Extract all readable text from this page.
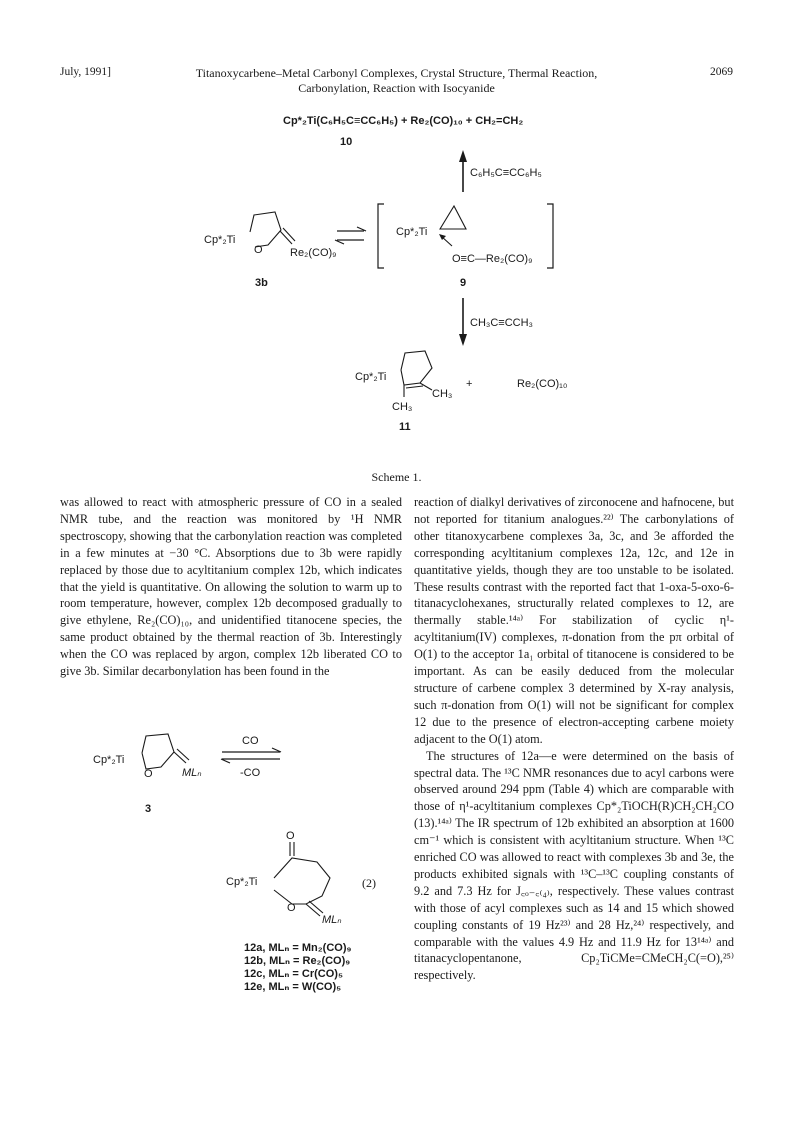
July, 1991]	Titanoxycarbene–Metal Carbonyl Complexes, Crystal Structure, Thermal Reaction,
Carbonylation, Reaction with Isocyanide
2069
Cp*₂Ti(C₆H₅C≡CC₆H₅) + Re₂(CO)₁₀ + CH₂=CH₂
10
C₆H₅C≡CC₆H₅
Cp*₂Ti
O Re₂(CO)₉
3b
Cp*₂Ti
O≡C—Re₂(CO)₉
9
CH₃C≡CCH₃
Cp*₂Ti
CH₃
CH₃
+	Re₂(CO)₁₀
11
Scheme 1.

was allowed to react with atmospheric pressure of CO in a sealed NMR tube, and the reaction was monitored by ¹H NMR spectroscopy, showing that the carbonylation reaction was completed in a few minutes at −30 °C. Absorptions due to 3b were rapidly replaced by those due to acyltitanium complex 12b, which indicates that the yield is quantitative. On allowing the solution to warm up to room temperature, however, complex 12b decomposed gradually to give ethylene, Re₂(CO)₁₀, and unidentified titanocene species, the same product obtained by the thermal reaction of 3b. Interestingly when the CO was replaced by argon, complex 12b liberated CO to give 3b. Similar decarbonylation has been found in the

Cp*₂Ti
O	MLₙ
3
CO
-CO
O
Cp*₂Ti
O
MLₙ
12a, MLₙ = Mn₂(CO)₉
12b, MLₙ = Re₂(CO)₉
12c, MLₙ = Cr(CO)₅
12e, MLₙ = W(CO)₅
(2)

reaction of dialkyl derivatives of zirconocene and hafnocene, but not reported for titanium analogues.²²⁾ The carbonylations of other titanoxycarbene complexes 3a, 3c, and 3e afforded the corresponding acyltitanium complexes 12a, 12c, and 12e in quantitative yields, though they are too unstable to be isolated. These results contrast with the reported fact that 1-oxa-5-oxo-6-titanacyclohexanes, structurally related complexes to 12, are thermally stable.¹⁴ᵃ⁾ For stabilization of cyclic η¹-acyltitanium(IV) complexes, π-donation from the pπ orbital of O(1) to the acceptor 1a₁ orbital of titanocene is considered to be important. As can be easily deduced from the molecular structure of carbene complex 3 determined by X-ray analysis, such π-donation from O(1) will not be significant for complex 12 due to the presence of electron-accepting carbene moiety adjacent to the O(1) atom.

The structures of 12a—e were determined on the basis of spectral data. The ¹³C NMR resonances due to acyl carbons were observed around 294 ppm (Table 4) which are comparable with those of η¹-acyltitanium complexes Cp*₂TiOCH(R)CH₂CH₂CO (13).¹⁴ᵃ⁾ The IR spectrum of 12b exhibited an absorption at 1600 cm⁻¹ which is consistent with acyltitanium structure. When ¹³C enriched CO was allowed to react with complexes 3b and 3e, the products exhibited signals with ¹³C–¹³C coupling constants of 9.2 and 7.3 Hz for J꜀ₒ₋꜀₍₄₎, respectively. These values contrast with those of acyl complexes such as 14 and 15 which showed coupling constants of 19 Hz²³⁾ and 28 Hz,²⁴⁾ respectively, and comparable with the values 4.9 Hz and 11.9 Hz for 13¹⁴ᵃ⁾ and titanacyclopentanone, Cp₂TiCMe=CMeCH₂C(=O),²⁵⁾ respectively.
